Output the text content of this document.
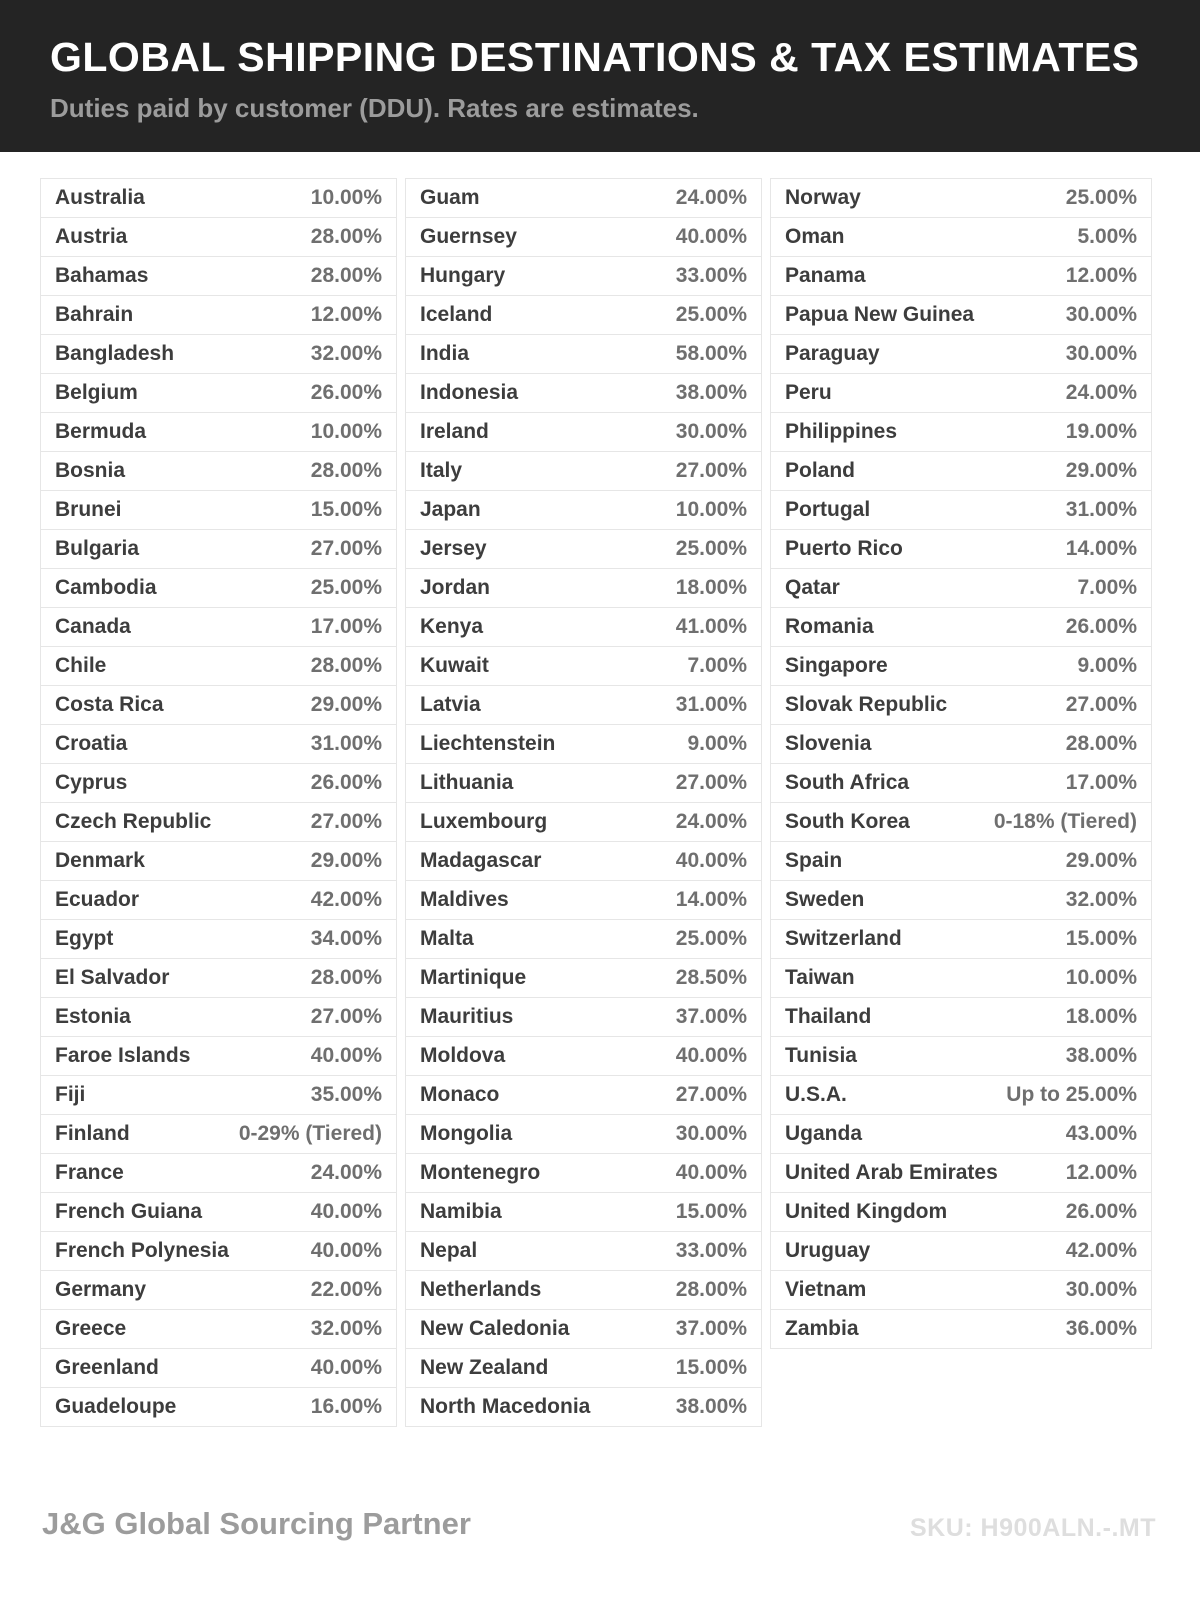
GLOBAL SHIPPING DESTINATIONS & TAX ESTIMATES
Duties paid by customer (DDU). Rates are estimates.
Australia	10.00%
Austria	28.00%
Bahamas	28.00%
Bahrain	12.00%
Bangladesh	32.00%
Belgium	26.00%
Bermuda	10.00%
Bosnia	28.00%
Brunei	15.00%
Bulgaria	27.00%
Cambodia	25.00%
Canada	17.00%
Chile	28.00%
Costa Rica	29.00%
Croatia	31.00%
Cyprus	26.00%
Czech Republic	27.00%
Denmark	29.00%
Ecuador	42.00%
Egypt	34.00%
El Salvador	28.00%
Estonia	27.00%
Faroe Islands	40.00%
Fiji	35.00%
Finland	0-29% (Tiered)
France	24.00%
French Guiana	40.00%
French Polynesia	40.00%
Germany	22.00%
Greece	32.00%
Greenland	40.00%
Guadeloupe	16.00%
Guam	24.00%
Guernsey	40.00%
Hungary	33.00%
Iceland	25.00%
India	58.00%
Indonesia	38.00%
Ireland	30.00%
Italy	27.00%
Japan	10.00%
Jersey	25.00%
Jordan	18.00%
Kenya	41.00%
Kuwait	7.00%
Latvia	31.00%
Liechtenstein	9.00%
Lithuania	27.00%
Luxembourg	24.00%
Madagascar	40.00%
Maldives	14.00%
Malta	25.00%
Martinique	28.50%
Mauritius	37.00%
Moldova	40.00%
Monaco	27.00%
Mongolia	30.00%
Montenegro	40.00%
Namibia	15.00%
Nepal	33.00%
Netherlands	28.00%
New Caledonia	37.00%
New Zealand	15.00%
North Macedonia	38.00%
Norway	25.00%
Oman	5.00%
Panama	12.00%
Papua New Guinea	30.00%
Paraguay	30.00%
Peru	24.00%
Philippines	19.00%
Poland	29.00%
Portugal	31.00%
Puerto Rico	14.00%
Qatar	7.00%
Romania	26.00%
Singapore	9.00%
Slovak Republic	27.00%
Slovenia	28.00%
South Africa	17.00%
South Korea	0-18% (Tiered)
Spain	29.00%
Sweden	32.00%
Switzerland	15.00%
Taiwan	10.00%
Thailand	18.00%
Tunisia	38.00%
U.S.A.	Up to 25.00%
Uganda	43.00%
United Arab Emirates	12.00%
United Kingdom	26.00%
Uruguay	42.00%
Vietnam	30.00%
Zambia	36.00%
J&G Global Sourcing Partner	SKU: H900ALN.-.MT
